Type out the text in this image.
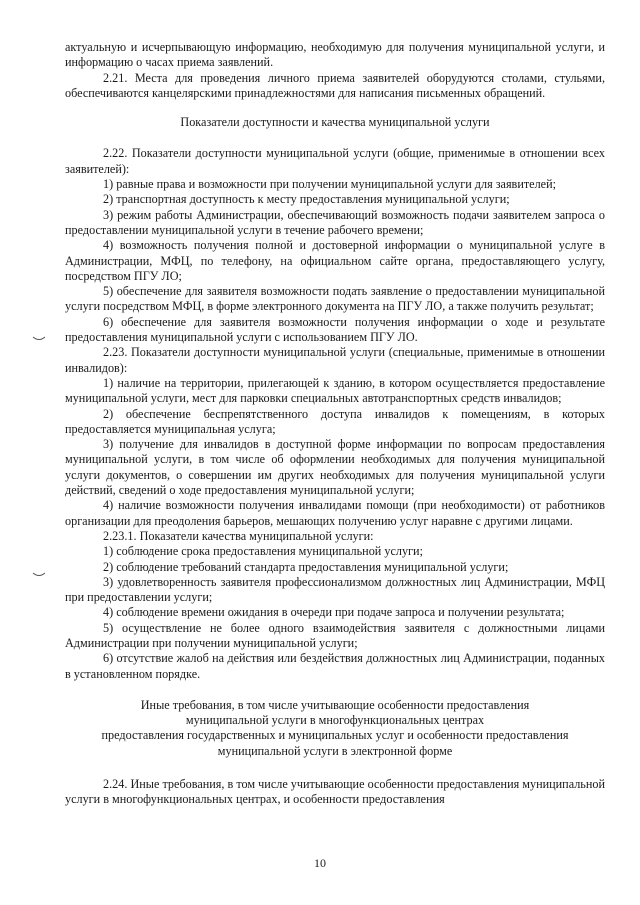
актуальную и исчерпывающую информацию, необходимую для получения муниципальной услуги, и информацию о часах приема заявлений.

2.21. Места для проведения личного приема заявителей оборудуются столами, стульями, обеспечиваются канцелярскими принадлежностями для написания письменных обращений.

Показатели доступности и качества муниципальной услуги

2.22. Показатели доступности муниципальной услуги (общие, применимые в отношении всех заявителей):

1) равные права и возможности при получении муниципальной услуги для заявителей;

2) транспортная доступность к месту предоставления муниципальной услуги;

3) режим работы Администрации, обеспечивающий возможность подачи заявителем запроса о предоставлении муниципальной услуги в течение рабочего времени;

4) возможность получения полной и достоверной информации о муниципальной услуге в Администрации, МФЦ, по телефону, на официальном сайте органа, предоставляющего услугу, посредством ПГУ ЛО;

5) обеспечение для заявителя возможности подать заявление о предоставлении муниципальной услуги посредством МФЦ, в форме электронного документа на ПГУ ЛО, а также получить результат;

6) обеспечение для заявителя возможности получения информации о ходе и результате предоставления муниципальной услуги с использованием ПГУ ЛО.

2.23. Показатели доступности муниципальной услуги (специальные, применимые в отношении инвалидов):

1) наличие на территории, прилегающей к зданию, в котором осуществляется предоставление муниципальной услуги, мест для парковки специальных автотранспортных средств инвалидов;

2) обеспечение беспрепятственного доступа инвалидов к помещениям, в которых предоставляется муниципальная услуга;

3) получение для инвалидов в доступной форме информации по вопросам предоставления муниципальной услуги, в том числе об оформлении необходимых для получения муниципальной услуги документов, о совершении им других необходимых для получения муниципальной услуги действий, сведений о ходе предоставления муниципальной услуги;

4) наличие возможности получения инвалидами помощи (при необходимости) от работников организации для преодоления барьеров, мешающих получению услуг наравне с другими лицами.

2.23.1. Показатели качества муниципальной услуги:

1) соблюдение срока предоставления муниципальной услуги;

2) соблюдение требований стандарта предоставления муниципальной услуги;

3) удовлетворенность заявителя профессионализмом должностных лиц Администрации, МФЦ при предоставлении услуги;

4) соблюдение времени ожидания в очереди при подаче запроса и получении результата;

5) осуществление не более одного взаимодействия заявителя с должностными лицами Администрации при получении муниципальной услуги;

6) отсутствие жалоб на действия или бездействия должностных лиц Администрации, поданных в установленном порядке.

Иные требования, в том числе учитывающие особенности предоставления
муниципальной услуги в многофункциональных центрах
предоставления государственных и муниципальных услуг и особенности предоставления
муниципальной услуги в электронной форме

2.24. Иные требования, в том числе учитывающие особенности предоставления муниципальной услуги в многофункциональных центрах, и особенности предоставления

10
